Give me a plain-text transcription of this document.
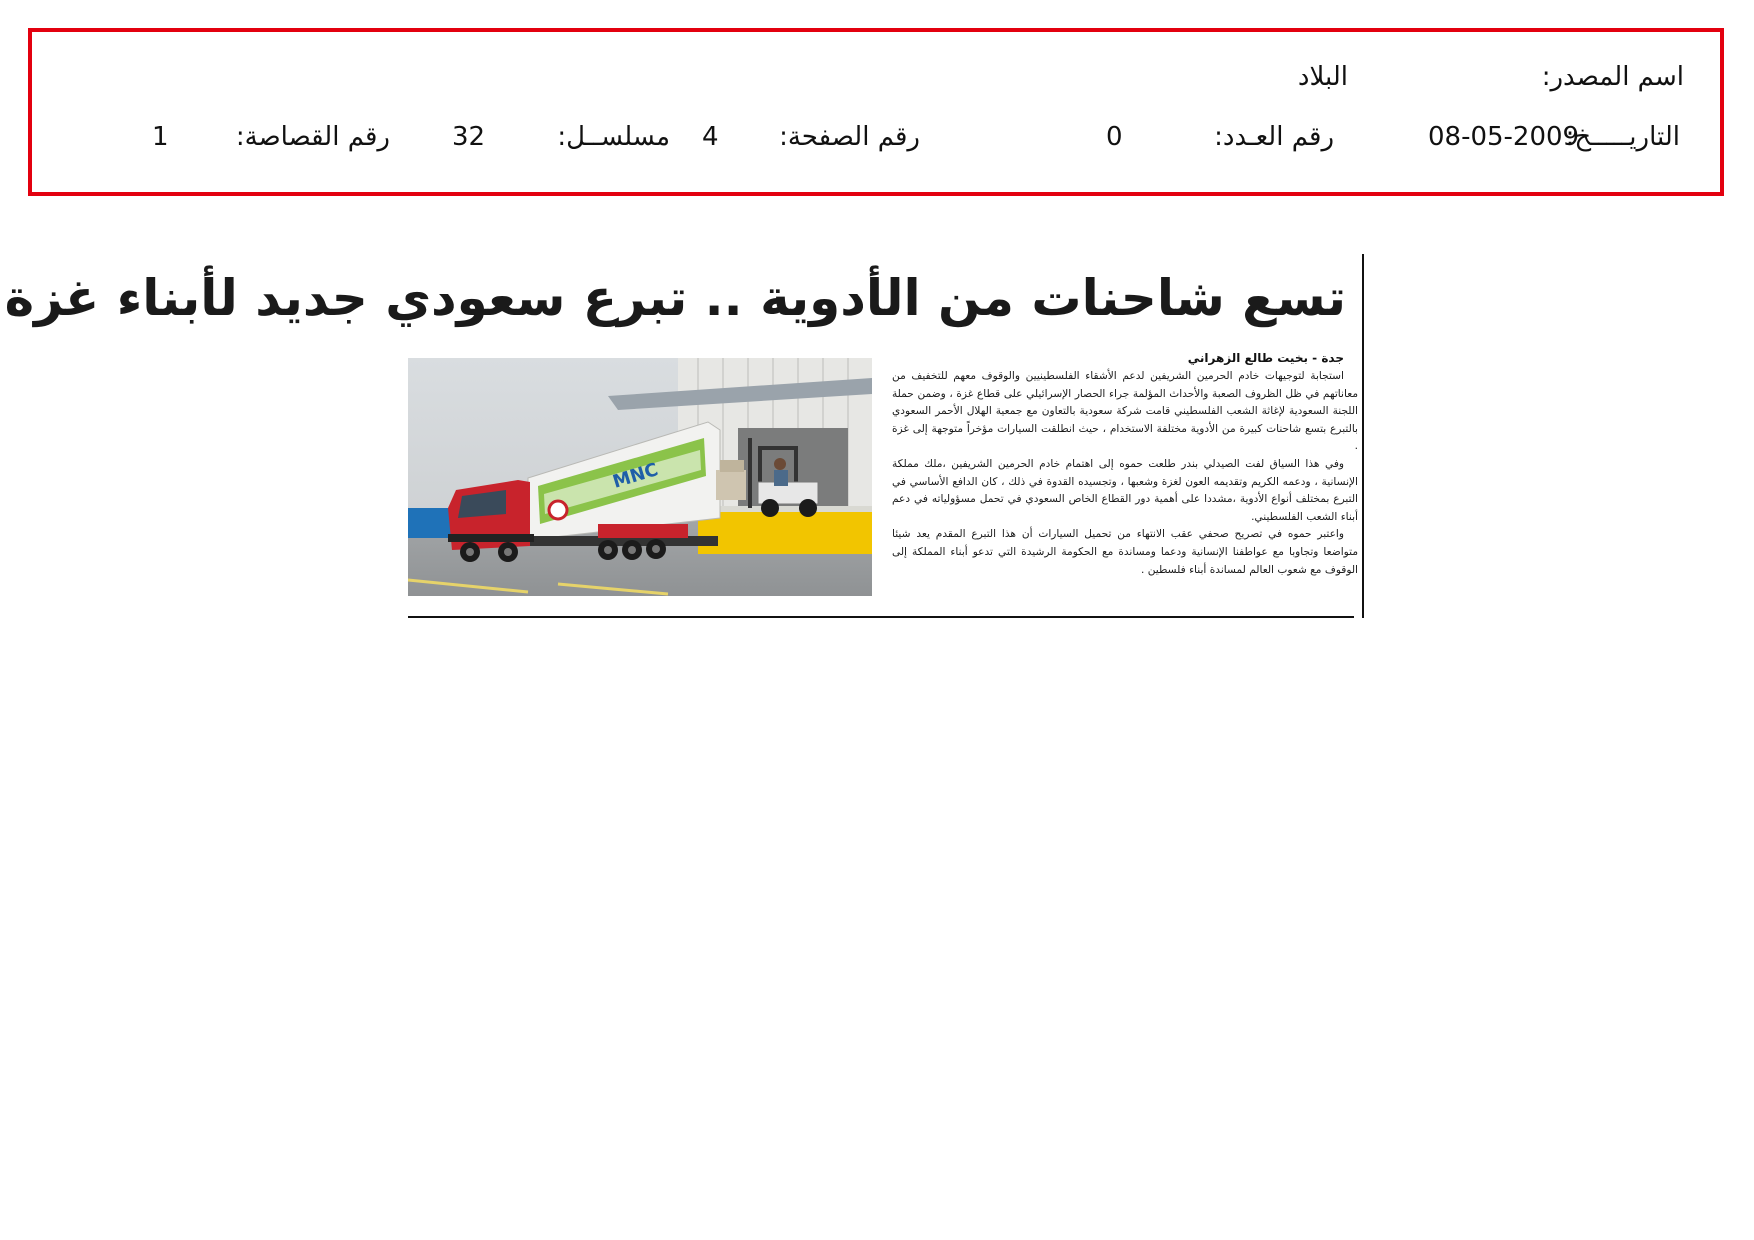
اسم المصدر:
البلاد
التاريـــــخ:
08-05-2009
رقم العـدد:
0
رقم الصفحة:
4
مسلســل:
32
رقم القصاصة:
1
تسع شاحنات من الأدوية .. تبرع سعودي جديد لأبناء غزة
جدة - بخيت طالع الزهراني

استجابة لتوجيهات خادم الحرمين الشريفين لدعم الأشقاء الفلسطينيين والوقوف معهم للتخفيف من معاناتهم في ظل الظروف الصعبة والأحداث المؤلمة جراء الحصار الإسرائيلي على قطاع غزة ، وضمن حملة اللجنة السعودية لإغاثة الشعب الفلسطيني قامت شركة سعودية بالتعاون مع جمعية الهلال الأحمر السعودي بالتبرع بتسع شاحنات كبيرة من الأدوية مختلفة الاستخدام ، حيث انطلقت السيارات مؤخراً متوجهة إلى غزة .

وفي هذا السياق لفت الصيدلي بندر طلعت حموه إلى اهتمام خادم الحرمين الشريفين ،ملك مملكة الإنسانية ، ودعمه الكريم وتقديمه العون لغزة وشعبها ، وتجسيده القدوة في ذلك ، كان الدافع الأساسي في التبرع بمختلف أنواع الأدوية ،مشددا على أهمية دور القطاع الخاص السعودي في تحمل مسؤولياته في دعم أبناء الشعب الفلسطيني.

واعتبر حموه في تصريح صحفي عقب الانتهاء من تحميل السيارات أن هذا التبرع المقدم يعد شيئا متواضعا وتجاوبا مع عواطفنا الإنسانية ودعما ومساندة مع الحكومة الرشيدة التي تدعو أبناء المملكة إلى الوقوف مع شعوب العالم لمساندة أبناء فلسطين .

MNC
